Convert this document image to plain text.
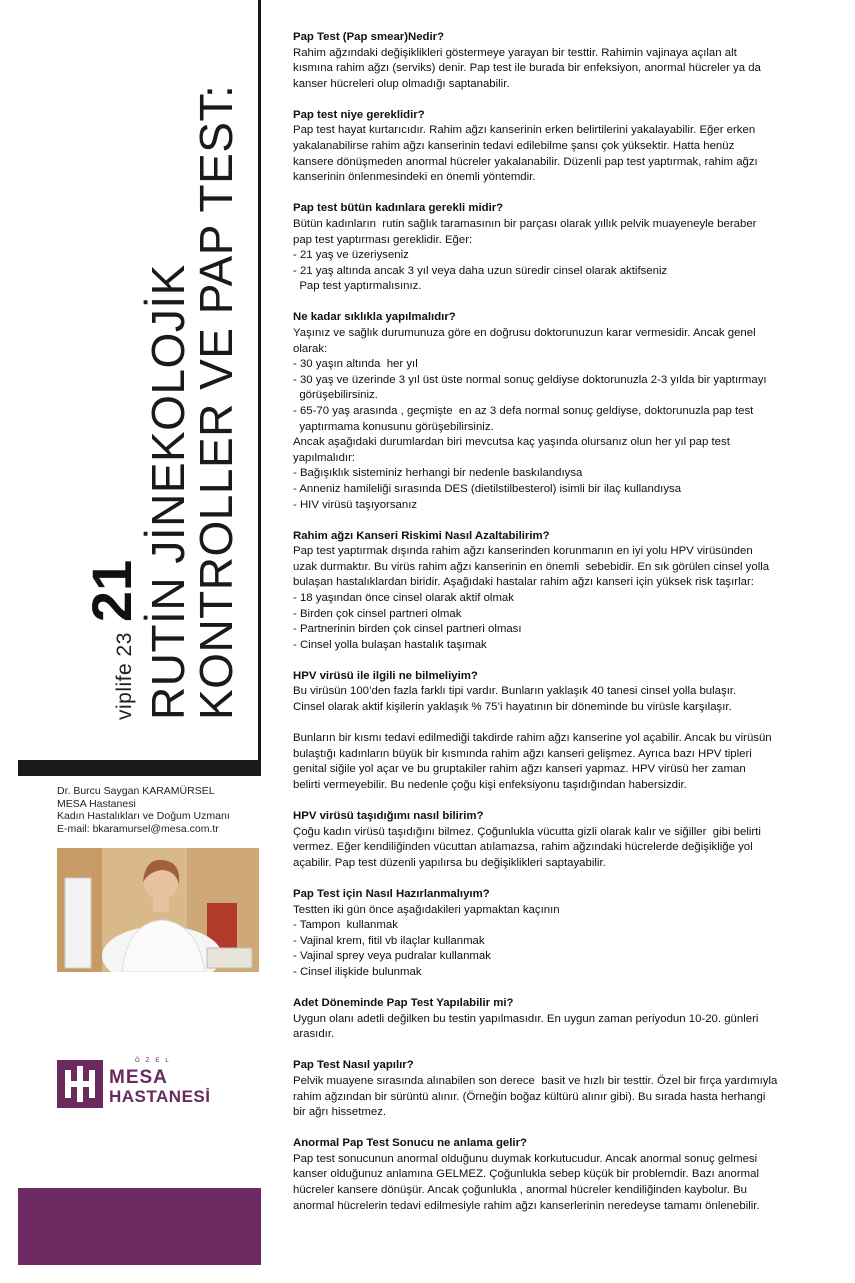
viplife 23
21 RUTİN JİNEKOLOJİK
KONTROLLER VE PAP TEST:
Dr. Burcu Saygan KARAMÜRSEL
MESA Hastanesi
Kadın Hastalıkları ve Doğum Uzmanı
E-mail: bkaramursel@mesa.com.tr
ÖZEL
MESA
HASTANESİ
Pap Test (Pap smear)Nedir?

Rahim ağzındaki değişiklikleri göstermeye yarayan bir testtir. Rahimin vajinaya açılan alt
kısmına rahim ağzı (serviks) denir. Pap test ile burada bir enfeksiyon, anormal hücreler ya da
kanser hücreleri olup olmadığı saptanabilir.

Pap test niye gereklidir?

Pap test hayat kurtarıcıdır. Rahim ağzı kanserinin erken belirtilerini yakalayabilir. Eğer erken
yakalanabilirse rahim ağzı kanserinin tedavi edilebilme şansı çok yüksektir. Hatta henüz
kansere dönüşmeden anormal hücreler yakalanabilir. Düzenli pap test yaptırmak, rahim ağzı
kanserinin önlenmesindeki en önemli yöntemdir.

Pap test bütün kadınlara gerekli midir?

Bütün kadınların  rutin sağlık taramasının bir parçası olarak yıllık pelvik muayeneyle beraber
pap test yaptırması gereklidir. Eğer:
- 21 yaş ve üzeriyseniz
- 21 yaş altında ancak 3 yıl veya daha uzun süredir cinsel olarak aktifseniz
Pap test yaptırmalısınız.

Ne kadar sıklıkla yapılmalıdır?

Yaşınız ve sağlık durumunuza göre en doğrusu doktorunuzun karar vermesidir. Ancak genel
olarak:
- 30 yaşın altında  her yıl
- 30 yaş ve üzerinde 3 yıl üst üste normal sonuç geldiyse doktorunuzla 2-3 yılda bir yaptırmayı
görüşebilirsiniz.
- 65-70 yaş arasında , geçmişte  en az 3 defa normal sonuç geldiyse, doktorunuzla pap test
yaptırmama konusunu görüşebilirsiniz.
Ancak aşağıdaki durumlardan biri mevcutsa kaç yaşında olursanız olun her yıl pap test
yapılmalıdır:
- Bağışıklık sisteminiz herhangi bir nedenle baskılandıysa
- Anneniz hamileliği sırasında DES (dietilstilbesterol) isimli bir ilaç kullandıysa
- HIV virüsü taşıyorsanız

Rahim ağzı Kanseri Riskimi Nasıl Azaltabilirim?

Pap test yaptırmak dışında rahim ağzı kanserinden korunmanın en iyi yolu HPV virüsünden
uzak durmaktır. Bu virüs rahim ağzı kanserinin en önemli  sebebidir. En sık görülen cinsel yolla
bulaşan hastalıklardan biridir. Aşağıdaki hastalar rahim ağzı kanseri için yüksek risk taşırlar:
- 18 yaşından önce cinsel olarak aktif olmak
- Birden çok cinsel partneri olmak
- Partnerinin birden çok cinsel partneri olması
- Cinsel yolla bulaşan hastalık taşımak

HPV virüsü ile ilgili ne bilmeliyim?

Bu virüsün 100’den fazla farklı tipi vardır. Bunların yaklaşık 40 tanesi cinsel yolla bulaşır.
Cinsel olarak aktif kişilerin yaklaşık % 75’i hayatının bir döneminde bu virüsle karşılaşır.

Bunların bir kısmı tedavi edilmediği takdirde rahim ağzı kanserine yol açabilir. Ancak bu virüsün
bulaştığı kadınların büyük bir kısmında rahim ağzı kanseri gelişmez. Ayrıca bazı HPV tipleri
genital siğile yol açar ve bu gruptakiler rahim ağzı kanseri yapmaz. HPV virüsü her zaman
belirti vermeyebilir. Bu nedenle çoğu kişi enfeksiyonu taşıdığından habersizdir.

HPV virüsü taşıdığımı nasıl bilirim?

Çoğu kadın virüsü taşıdığını bilmez. Çoğunlukla vücutta gizli olarak kalır ve siğiller  gibi belirti
vermez. Eğer kendiliğinden vücuttan atılamazsa, rahim ağzındaki hücrelerde değişikliğe yol
açabilir. Pap test düzenli yapılırsa bu değişiklikleri saptayabilir.

Pap Test için Nasıl Hazırlanmalıyım?

Testten iki gün önce aşağıdakileri yapmaktan kaçının
- Tampon  kullanmak
- Vajinal krem, fitil vb ilaçlar kullanmak
- Vajinal sprey veya pudralar kullanmak
- Cinsel ilişkide bulunmak

Adet Döneminde Pap Test Yapılabilir mi?

Uygun olanı adetli değilken bu testin yapılmasıdır. En uygun zaman periyodun 10-20. günleri
arasıdır.

Pap Test Nasıl yapılır?

Pelvik muayene sırasında alınabilen son derece  basit ve hızlı bir testtir. Özel bir fırça yardımıyla
rahim ağzından bir sürüntü alınır. (Örneğin boğaz kültürü alınır gibi). Bu sırada hasta herhangi
bir ağrı hissetmez.

Anormal Pap Test Sonucu ne anlama gelir?

Pap test sonucunun anormal olduğunu duymak korkutucudur. Ancak anormal sonuç gelmesi
kanser olduğunuz anlamına GELMEZ. Çoğunlukla sebep küçük bir problemdir. Bazı anormal
hücreler kansere dönüşür. Ancak çoğunlukla , anormal hücreler kendiliğinden kaybolur. Bu
anormal hücrelerin tedavi edilmesiyle rahim ağzı kanserlerinin neredeyse tamamı önlenebilir.
